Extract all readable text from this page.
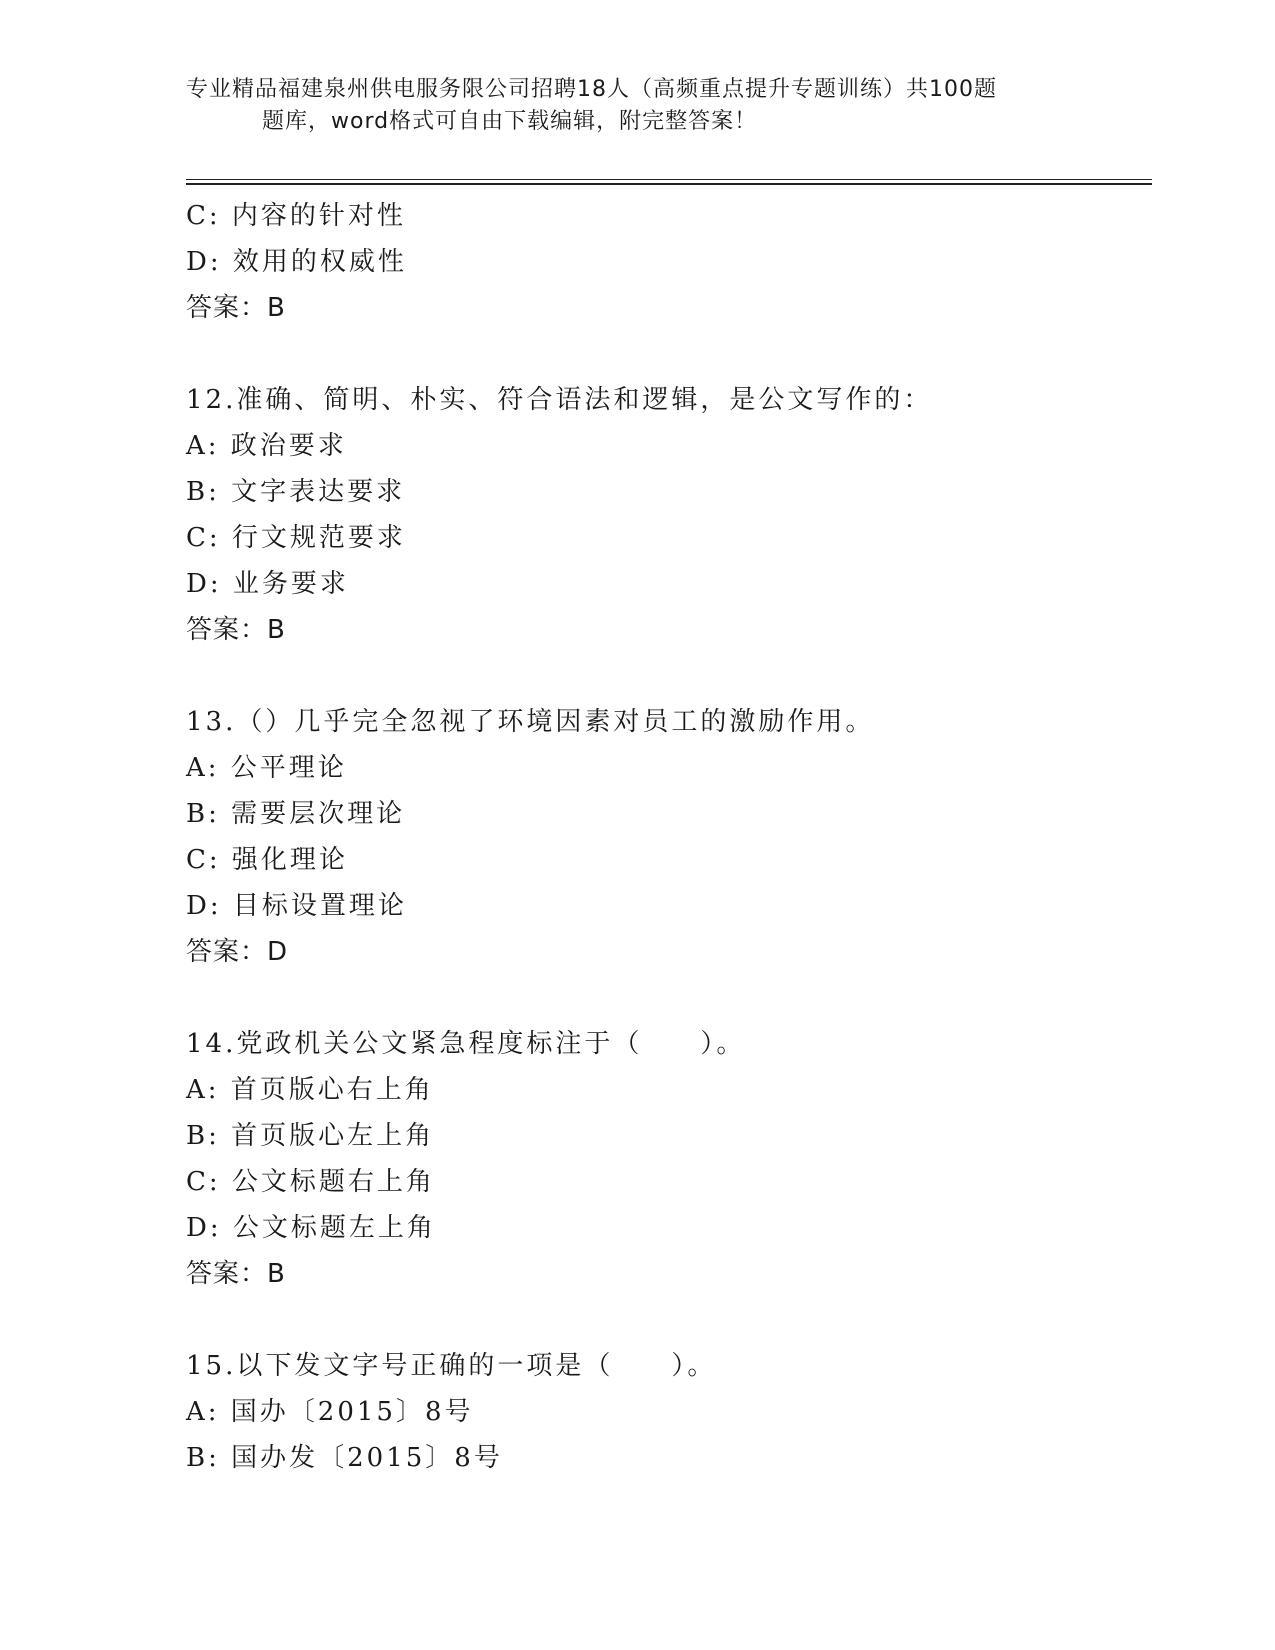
专业精品福建泉州供电服务限公司招聘18人（高频重点提升专题训练）共100题
题库，word格式可自由下载编辑，附完整答案！
C: 内容的针对性
D: 效用的权威性
答案：B
12.准确、简明、朴实、符合语法和逻辑，是公文写作的：
A: 政治要求
B: 文字表达要求
C: 行文规范要求
D: 业务要求
答案：B
13.（）几乎完全忽视了环境因素对员工的激励作用。
A: 公平理论
B: 需要层次理论
C: 强化理论
D: 目标设置理论
答案：D
14.党政机关公文紧急程度标注于（　　）。
A: 首页版心右上角
B: 首页版心左上角
C: 公文标题右上角
D: 公文标题左上角
答案：B
15.以下发文字号正确的一项是（　　）。
A: 国办〔2015〕8号
B: 国办发〔2015〕8号
